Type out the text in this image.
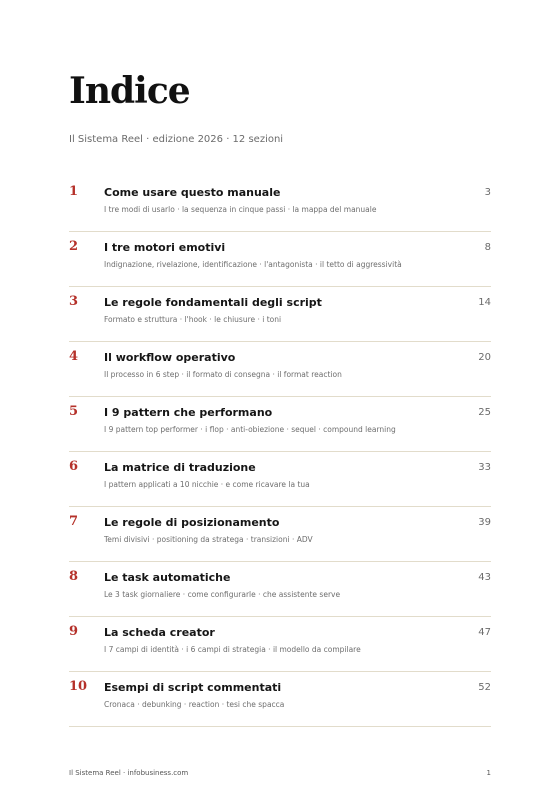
Indice
Il Sistema Reel · edizione 2026 · 12 sezioni
1 Come usare questo manuale
I tre modi di usarlo · la sequenza in cinque passi · la mappa del manuale
3
2 I tre motori emotivi
Indignazione, rivelazione, identificazione · l'antagonista · il tetto di aggressività
8
3 Le regole fondamentali degli script
Formato e struttura · l'hook · le chiusure · i toni
14
4 Il workflow operativo
Il processo in 6 step · il formato di consegna · il format reaction
20
5 I 9 pattern che performano
I 9 pattern top performer · i flop · anti-obiezione · sequel · compound learning
25
6 La matrice di traduzione
I pattern applicati a 10 nicchie · e come ricavare la tua
33
7 Le regole di posizionamento
Temi divisivi · positioning da stratega · transizioni · ADV
39
8 Le task automatiche
Le 3 task giornaliere · come configurarle · che assistente serve
43
9 La scheda creator
I 7 campi di identità · i 6 campi di strategia · il modello da compilare
47
10 Esempi di script commentati
Cronaca · debunking · reaction · tesi che spacca
52
Il Sistema Reel · infobusiness.com	1
